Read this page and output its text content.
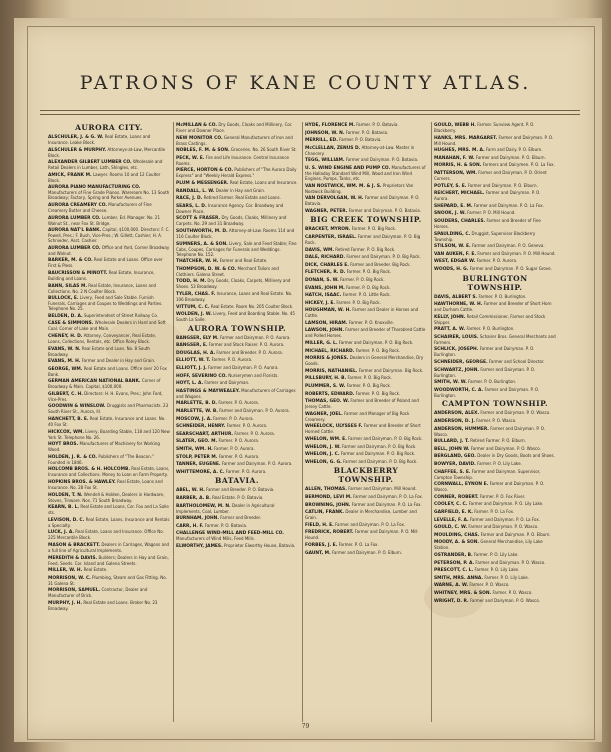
PATRONS OF KANE COUNTY ATLAS.
AURORA CITY.
ALSCHULER, J. & G. W. Real Estate, Loans and Insurance. Leake Block.
ALSCHULER & MURPHY. Attorneys-at-Law, Mercantile Block.
ALEXANDER GILBERT LUMBER CO. Wholesale and Retail Dealers in Lumber, Lath, Shingles, etc.
AMICK, FRANK M. Lawyer. Rooms 10 and 12 Coulter Block.
AURORA PIANO MANUFACTURING CO. Manufacturers of Fine Grade Pianos. Wareroom No. 13 South Broadway; Factory, Spring and Parker Avenues.
AURORA CREAMERY CO. Manufacturers of Fine Creamery Butter and Cheese.
AURORA LUMBER CO. Lumber, Ed. Manager. No. 21 Walnut St., near Fox St. Bridge.
AURORA NAT'L BANK. Capital, $100,000. Directors: F. C. Powell, Pres.; F. Bush, Vice-Pres.; W. Gillett, Cashier; H. A. Schnieder, Asst. Cashier.
AURORA LUMBER CO. Office and Yard, Corner Broadway and Walnut.
BARKER, M. & CO. Real Estate and Loans. Office over First & Pless.
BAUCRISSON & MINOTT. Real Estate, Insurance, Building and Loans.
BANN, SILAS M. Real Estate, Insurance, Loans and Collections. No. 2 N Coulter Block.
BULLOCK, E. Livery, Feed and Sale Stable. Furnish Funerals, Carriages and Coupes to Weddings and Parties. Telephone No. 25.
BELDEN, D. A. Superintendent of Street Railway Co.
CASE & SIMMONS. Wholesale Dealers in Hard and Soft Coal. Corner of Lake and Main.
CHENEY, H. D. Attorney, Conveyancer, Real Estate, Loans, Collections, Rentals, etc. Office Roley Block.
EVANS, W. N. Real Estate and Loan. No. 8 South Broadway.
EVANS, M. H. Farmer and Dealer in Hay and Grain.
GEORGE, WM. Real Estate and Loans. Office over 20 Fox Bank.
GERMAN AMERICAN NATIONAL BANK. Corner of Broadway & Main. Capital, $100,000.
GILBERT, C. H. Directors: H. H. Evans, Pres.; John Ford, Vice-Pres.
GOODWIN & WINSLOW. Druggists and Pharmacists. 23 South River St., Aurora, Ill.
HANCHETT, B. E. Real Estate, Insurance and Loans. No. 40 Fox St.
HICKCOX, WM. Livery, Boarding Stable, 118 and 120 New York St. Telephone No. 26.
HOYT BROS. Manufacturers of Machinery for Working Wood.
HOLDEN, J. R. & CO. Publishers of "The Beacon." Founded in 1846.
HOLCOMB BROS. & H. HOLCOMB. Real Estate, Loans, Insurance and Collections. Money to Loan on Farm Property.
HOPKINS BROS. & HAWLEY. Real Estate, Loans and Insurance. No. 28 Fox St.
HOLDEN, T. N. Wendell & Holden, Dealers in Hardware, Stoves, Tinware. Nos. 71 South Broadway.
KEARN, B. L. Real Estate and Loans, Cor. Fox and La Salle sts.
LEVISON, D. C. Real Estate, Loans, Insurance and Rentals a Specialty.
LUCK, J. A. Real Estate, Loans and Insurance. Office No. 225 Mercantile Block.
MASON & BRACKETT. Dealers in Carriages, Wagons and a full line of Agricultural Implements.
MEREDITH & DAVIS. Builders; Dealers in Hay and Grain, Feed, Seeds. Cor. Island and Galena Streets.
MILLER, W. H. Real Estate.
MORRISON, W. C. Plumbing, Steam and Gas Fitting. No. 31 Galena St.
MORRISON, SAMUEL. Contractor, Dealer and Manufacturer of Brick.
MURPHY, J. H. Real Estate and Loans. Broker No. 23 Broadway.
McMILLAN & CO. Dry Goods, Cloaks and Millinery, Cor. River and Downer Place.
NEW MONITOR CO. General Manufacturers of Iron and Brass Castings.
NOBLES, F. M. & SON. Groceries. No. 26 South River St.
PECK, W. E. Fire and Life Insurance. Central Insurance Rooms.
PIERCE, HORTON & CO. Publishers of "The Aurora Daily Express" and "Weekly Herald Express."
PLUM & MESSENGER. Real Estate, Loans and Insurance.
RANDALL, L. W. Dealer in Hay and Grain.
RACE, J. D. Retired Farmer. Real Estate and Loans.
SEARS, L. D. Insurance Agency. Cor. Broadway and Downer Place.
SCOTT & FRASER. Dry Goods, Cloaks, Millinery and Carpets. No. 29 and 31 Broadway.
SOUTHWORTH, M. D. Attorney-at-Law. Rooms 114 and 116 Coulter Block.
SUMNERS, A. & SON. Livery, Sale and Feed Stable; Fine Cabs, Coupes, Carriages for Funerals and Weddings. Telephone No. 152.
THATCHER, W. H. Farmer and Real Estate.
THOMPSON, D. W. & CO. Merchant Tailors and Clothiers. Galena Street.
TODD, H. M. Dry Goods, Cloaks, Carpets, Millinery and Shoes. 53 Broadway.
TYLER, CHAS. F. Insurance, Loans and Real Estate. No. 106 Broadway.
VITTUM, C. C. Real Estate. Room No. 205 Coulter Block.
WOLDEN, J. W. Livery, Feed and Boarding Stable. No. 45 South La Salle.
AURORA TOWNSHIP.
BANGSER, ELY M. Farmer and Dairyman. P. O. Aurora.
BANGSER, E. Farmer and Stock Raiser. P. O. Aurora.
DOUGLAS, H. A. Farmer and Breeder. P. O. Aurora.
ELLIOTT, W. T. Farmer. P. O. Aurora.
ELLIOTT, J. J. Farmer and Dairyman. P. O. Aurora.
HOFF, SEVERINO CO. Nurserymen and Florists.
HOYT, L. A. Farmer and Dairyman.
HASTINGS & MAYWEALEY. Manufacturers of Carriages and Wagons.
MARLETTE, B. D. Farmer. P. O. Aurora.
MARLETTE, W. B. Farmer and Dairyman. P. O. Aurora.
MOSCOW, J. A. Farmer. P. O. Aurora.
SCHNEIDER, HENRY. Farmer. P. O. Aurora.
SEARSCHART, ARTHUR. Farmer. P. O. Aurora.
SLATER, GEO. M. Farmer. P. O. Aurora.
SMITH, WM. H. Farmer. P. O. Aurora.
STOLP, PETER M. Farmer. P. O. Aurora.
TANNER, EUGENE. Farmer and Dairyman. P. O. Aurora.
WHITTEMORE, A. C. Farmer. P. O. Aurora.
BATAVIA.
ABEL, W. H. Farmer and Breeder. P. O. Batavia.
BARBER, A. B. Real Estate. P. O. Batavia.
BARTHOLOMEW, M. N. Dealer in Agricultural Implements, Coal, Lumber.
BURNHAM, JOHN. Farmer and Breeder.
CARR, H. F. Farmer. P. O. Batavia.
CHALLENGE WIND-MILL AND FEED-MILL CO. Manufacturers of Wind Mills, Feed Mills.
ELWORTHY, JAMES. Proprietor Elworthy House, Batavia.
HYDE, FLORENCE M. Farmer. P. O. Batavia.
JOHNSON, W. N. Farmer. P. O. Batavia.
MERRILL, ED. Farmer. P. O. Batavia.
McCLELLAN, ZENUS D. Attorney-at-Law. Master in Chancery.
TEGG, WILLIAM. Farmer and Dairyman. P. O. Batavia.
U. S. WIND ENGINE AND PUMP CO. Manufacturers of the Halladay Standard Wind Mill, Wood and Iron Wind Engines, Pumps, Tanks, etc.
VAN NOSTWICK, WM. M. & J. S. Proprietors Van Nostwick Building.
VAN DERVOLGAN, W. H. Farmer and Dairyman. P. O. Batavia.
WAGNER, PETER. Farmer and Dairyman. P. O. Batavia.
BIG CREEK TOWNSHIP.
BRACKET, MYRON. Farmer. P. O. Big Rock.
CARPENTER, ISRAEL. Farmer and Dairyman. P. O. Big Rock.
DAVIS, WM. Retired Farmer. P. O. Big Rock.
DALE, RICHARD. Farmer and Dairyman. P. O. Big Rock.
DICK, CHARLES E. Farmer and Breeder. Big Rock.
FLETCHER, R. D. Farmer. P. O. Big Rock.
DONAN, S. W. Farmer. P. O. Big Rock.
EVANS, JOHN M. Farmer. P. O. Big Rock.
HATCH, ISAAC. Farmer. P. O. Little Rock.
HICKEY, J. E. Farmer. P. O. Big Rock.
HOUGHMAN, W. H. Farmer and Dealer in Horses and Cattle.
LAMSON, HIRAM. Farmer. P. O. Knoxville.
LAWSON, JOHN. Farmer and Breeder of Thorobred Cattle and Polled Horses.
MILLER, G. L. Farmer and Dairyman. P. O. Big Rock.
MICHAEL, RICHARD. Farmer. P. O. Big Rock.
MORRIS & JONES. Dealers in General Merchandise, Dry Goods.
MORRIS, NATHANIEL. Farmer and Dairyman. Big Rock.
PILLSBURY, H. B. Farmer. P. O. Big Rock.
PLUMMER, S. W. Farmer. P. O. Big Rock.
ROBERTS, EDWARD. Farmer. P. O. Big Rock.
THOMAS, GEO. W. Farmer and Breeder of Poland and Jersey Cattle.
WAGNER, JOEL. Farmer and Manager of Big Rock Creamery.
WHEELOCK, ULYSSES F. Farmer and Breeder of Short Horned Cattle.
WHELON, WM. E. Farmer and Dairyman. P. O. Big Rock.
WHELON, J. W. Farmer and Dairyman. P. O. Big Rock.
WHELON, J. C. Farmer and Dairyman. P. O. Big Rock.
WHELON, G. G. Farmer and Dairyman. P. O. Big Rock.
BLACKBERRY TOWNSHIP.
ALLEN, THOMAS. Farmer and Dairyman. Mill Hound.
BERMOND, LEVI M. Farmer and Dairyman. P. O. La Fox.
BROWNING, JOHN. Farmer and Dairyman. P. O. La Fox.
CATLIN, FRANK. Dealer in Merchandise, Lumber and Grain.
FIELD, H. E. Farmer and Dairyman. P. O. La Fox.
FREDRICK, ROBERT. Farmer and Dairyman. P. O. Mill Hound.
FORBES, J. E. Farmer. P. O. La Fox.
GAUNT, M. Farmer and Dairyman. P. O. Elburn.
GOULD, WEBB H. Farmer. Sunview Agent. P. O. Blackberry.
HANKS, MRS. MARGARET. Farmer and Dairyman. P. O. Mill Hound.
HUGHES, MRS. M. A. Farm and Dairy. P. O. Elburn.
MANAHAN, F. W. Farmer and Dairyman. P. O. Elburn.
MORRIS, H. & SON. Farmers and Dairymen. P. O. La Fox.
PATTERSON, WM. Farmer and Dairyman. P. O. Orient Corners.
POTLEY, S. E. Farmer and Dairyman. P. O. Elburn.
REICHERT, MICHAEL. Farmer and Dairyman. P. O. Aurora.
SHEPARD, E. M. Farmer and Dairyman. P. O. La Fox.
SNOOK, J. W. Farmer. P. O. Mill Hound.
SOUDERS, CHARLES. Farmer and Breeder of Fine Horses.
SPAULDING, C. Druggist, Supervisor Blackberry Township.
STILSON, W. E. Farmer and Dairyman. P. O. Geneva.
VAN AUKEN, F. E. Farmer and Dairyman. P. O. Mill Hound.
WEST, EDGAR W. Farmer. P. O. Aurora.
WOODS, H. G. Farmer and Dairyman. P. O. Sugar Grove.
BURLINGTON TOWNSHIP.
DAVIS, ALBERT S. Farmer. P. O. Burlington.
HAWTHORNE, W. H. Farmer and Breeder of Short Horn and Durham Cattle.
KELLY, JOHN. Retail Commissioner, Farmer and Stock Shipper.
PRATT, A. W. Farmer. P. O. Burlington.
SCHAIRER, LOUIS. Schairer Bros. General Merchants and Farmers.
SCHLICK, JOSEPH. Farmer and Dairyman. P. O. Burlington.
SCHNEIDER, GEORGE. Farmer and School Director.
SCHWARTZ, JOHN. Farmer and Dairyman. P. O. Burlington.
SMITH, W. W. Farmer. P. O. Burlington.
WOODWORTH, C. A. Farmer and Dairyman. P. O. Burlington.
CAMPTON TOWNSHIP.
ANDERSON, ALEX. Farmer and Dairyman. P. O. Wasco.
ANDERSON, D. J. Farmer. P. O. Wasco.
ANDERSON, HUMMER. Farmer and Dairyman. P. O. Wasco.
BULLARD, J. T. Retired Farmer. P. O. Elburn.
BELL, JOHN W. Farmer and Dairyman. P. O. Wasco.
BERGLAND, GEO. Dealer in Dry Goods, Boots and Shoes.
BOWYER, DAVID. Farmer. P. O. Lily Lake.
CHAFFEE, S. E. Farmer and Dairyman. Supervisor, Campton Township.
CORNWALL, EYNON E. Farmer and Dairyman. P. O. Wasco.
CONNER, ROBERT. Farmer. P. O. Fox River.
COOLEY, C. C. Farmer and Dairyman. P. O. Lily Lake.
GARFIELD, E. K. Farmer. P. O. La Fox.
LEVELLE, F. A. Farmer and Dairyman. P. O. La Fox.
GOULD, C. W. Farmer and Dairyman. P. O. Wasco.
MOULDING, CHAS. Farmer and Dairyman. P. O. Elburn.
MOODY, A. & SON. General Merchandise, Lily Lake Station.
OSTRANDER, B. Farmer. P. O. Lily Lake.
PETERSON, P. A. Farmer and Dairyman. P. O. Wasco.
PRESCOTT, C. L. Farmer. P. O. Lily Lake.
SMITH, MRS. ANNA. Farmer. P. O. Lily Lake.
WARNE, A. W. Farmer. P. O. Wasco.
WHITNEY, MRS. & SON. Farmer. P. O. Wasco.
WRIGHT, D. R. Farmer and Dairyman. P. O. Wasco.
79
